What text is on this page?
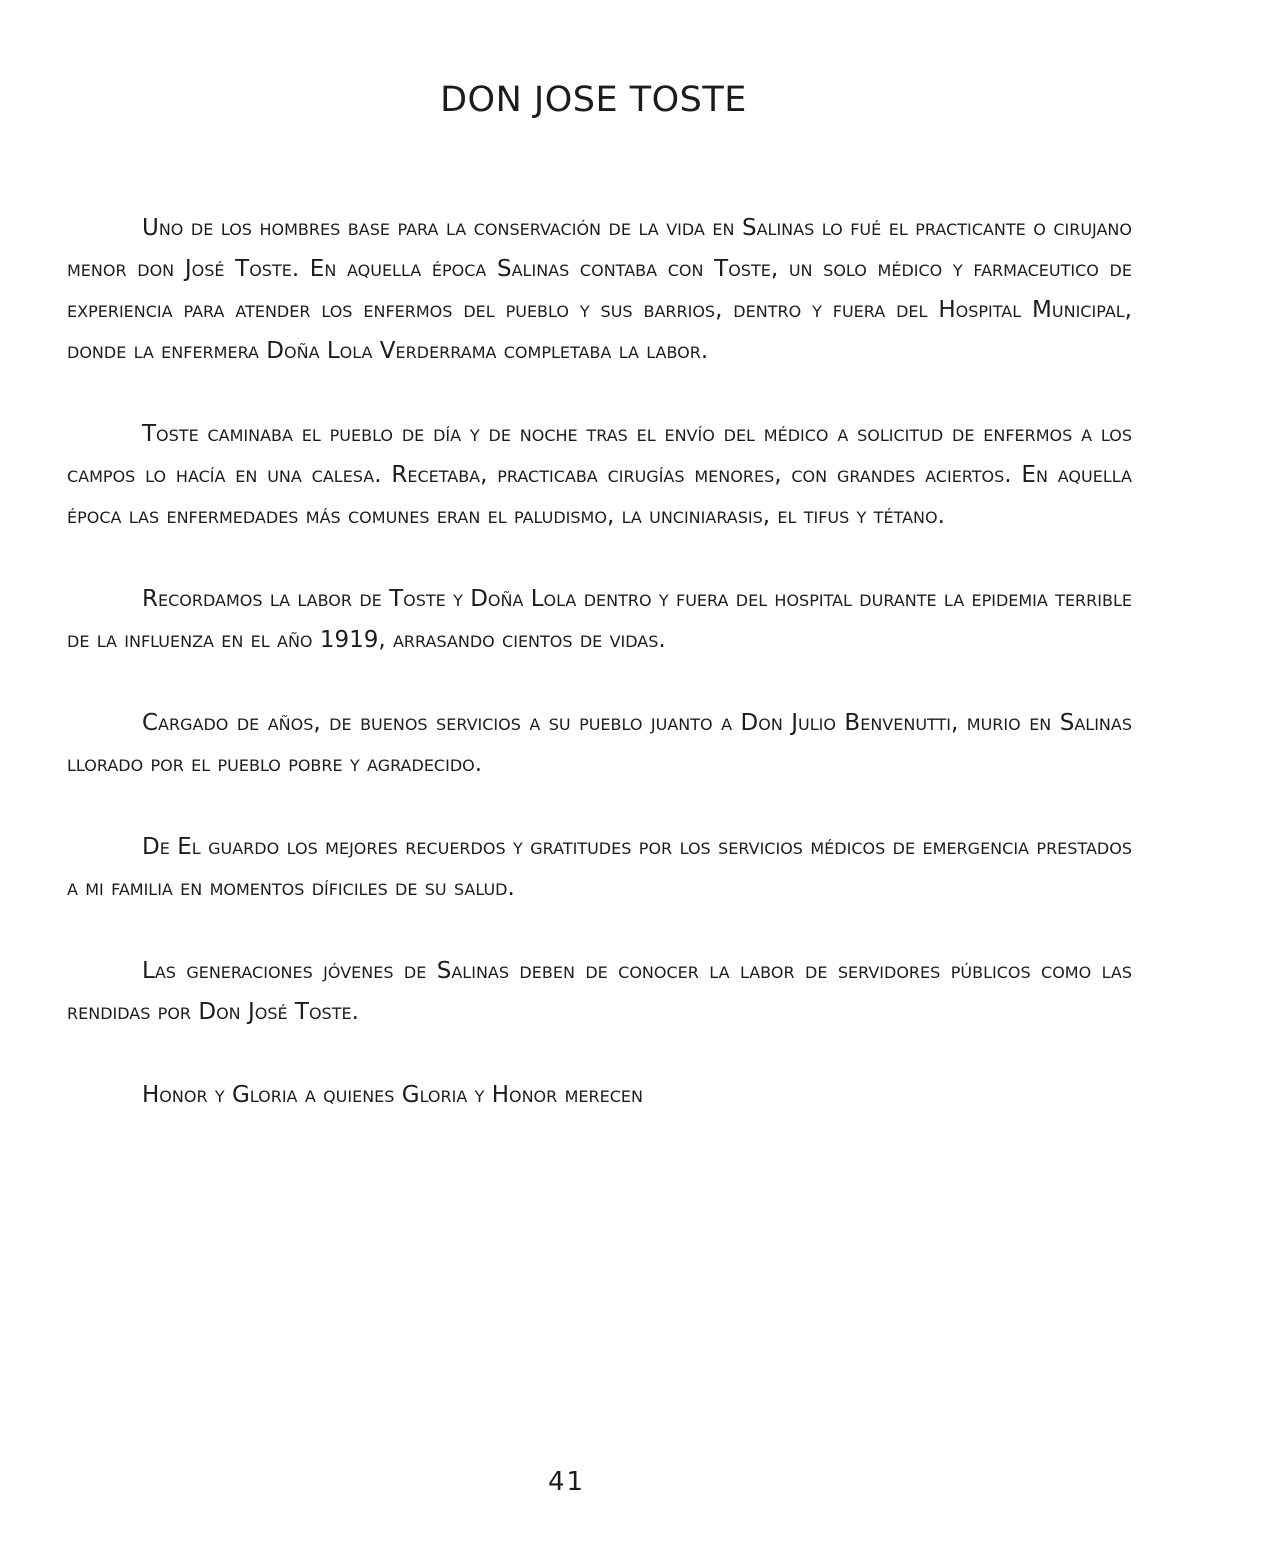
DON JOSE TOSTE

Uno de los hombres base para la conservación de la vida en Salinas lo fué el practicante o cirujano menor don José Toste. En aquella época Salinas contaba con Toste, un solo médico y farmaceutico de experiencia para atender los enfermos del pueblo y sus barrios, dentro y fuera del Hospital Municipal, donde la enfermera Doña Lola Verderrama completaba la labor.

Toste caminaba el pueblo de día y de noche tras el envío del médico a solicitud de enfermos a los campos lo hacía en una calesa. Recetaba, practicaba cirugías menores, con grandes aciertos. En aquella época las enfermedades más comunes eran el paludismo, la unciniarasis, el tifus y tétano.

Recordamos la labor de Toste y Doña Lola dentro y fuera del hospital durante la epidemia terrible de la influenza en el año 1919, arrasando cientos de vidas.

Cargado de años, de buenos servicios a su pueblo juanto a Don Julio Benvenutti, murio en Salinas llorado por el pueblo pobre y agradecido.

De El guardo los mejores recuerdos y gratitudes por los servicios médicos de emergencia prestados a mi familia en momentos díficiles de su salud.

Las generaciones jóvenes de Salinas deben de conocer la labor de servidores públicos como las rendidas por Don José Toste.

Honor y Gloria a quienes Gloria y Honor merecen

41
